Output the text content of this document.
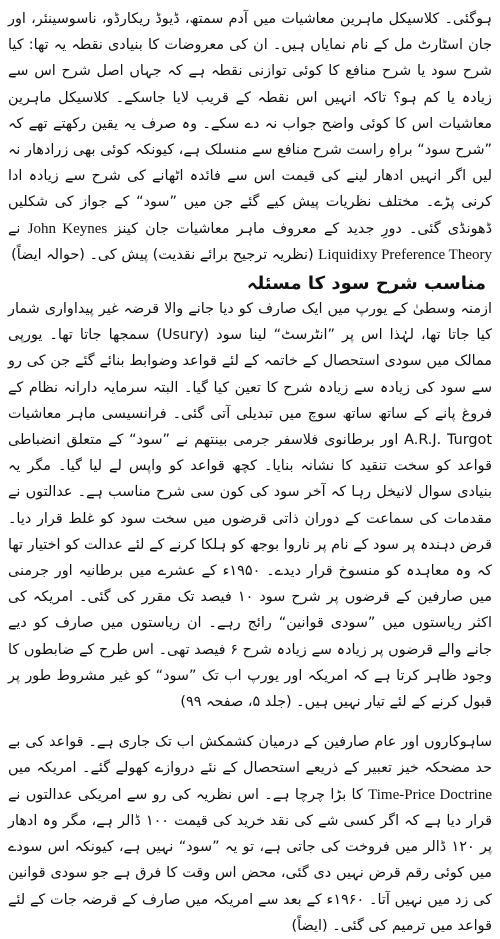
ہوگئی۔ کلاسیکل ماہرین معاشیات میں آدم سمتھ، ڈیوڈ ریکارڈو، ناسوسینئر، اور جان اسٹارٹ مل کے نام نمایاں ہیں۔ ان کی معروضات کا بنیادی نقطہ یہ تھا: کیا شرح سود یا شرح منافع کا کوئی توازنی نقطہ ہے کہ جہاں اصل شرح اس سے زیادہ یا کم ہو؟ تاکہ انہیں اس نقطہ کے قریب لایا جاسکے۔ کلاسیکل ماہرین معاشیات اس کا کوئی واضح جواب نہ دے سکے۔ وہ صرف یہ یقین رکھتے تھے کہ ”شرح سود“ براہِ راست شرح منافع سے منسلک ہے، کیونکہ کوئی بھی زرادھار نہ لیں اگر انہیں ادھار لینے کی قیمت اس سے فائدہ اٹھانے کی شرح سے زیادہ ادا کرنی پڑے۔ مختلف نظریات پیش کیے گئے جن میں ”سود“ کے جواز کی شکلیں ڈھونڈی گئی۔ دورِ جدید کے معروف ماہر معاشیات جان کینز John Keynes نے Liquidixy Preference Theory (نظریہ ترجیح برائے نقدیت) پیش کی۔ (حوالہ ایضاً)

مناسب شرح سود کا مسئلہ

ازمنہ وسطیٰ کے یورپ میں ایک صارف کو دیا جانے والا قرضہ غیر پیداواری شمار کیا جاتا تھا، لہٰذا اس پر ”انٹرسٹ“ لینا سود (Usury) سمجھا جاتا تھا۔ یورپی ممالک میں سودی استحصال کے خاتمہ کے لئے قواعد وضوابط بنائے گئے جن کی رو سے سود کی زیادہ سے زیادہ شرح کا تعین کیا گیا۔ البتہ سرمایہ دارانہ نظام کے فروغ پانے کے ساتھ ساتھ سوچ میں تبدیلی آتی گئی۔ فرانسیسی ماہر معاشیات A.R.J. Turgot اور برطانوی فلاسفر جرمی بینتھم نے ”سود“ کے متعلق انضباطی قواعد کو سخت تنقید کا نشانہ بنایا۔ کچھ قواعد کو واپس لے لیا گیا۔ مگر یہ بنیادی سوال لانیخل رہا کہ آخر سود کی کون سی شرح مناسب ہے۔ عدالتوں نے مقدمات کی سماعت کے دوران ذاتی قرضوں میں سخت سود کو غلط قرار دیا۔ قرض دہندہ پر سود کے نام پر ناروا بوجھ کو ہلکا کرنے کے لئے عدالت کو اختیار تھا کہ وہ معاہدہ کو منسوخ قرار دیدے۔ ۱۹۵۰ء کے عشرے میں برطانیہ اور جرمنی میں صارفین کے قرضوں پر شرح سود ۱۰ فیصد تک مقرر کی گئی۔ امریکہ کی اکثر ریاستوں میں ”سودی قوانین“ رائج رہے۔ ان ریاستوں میں صارف کو دیے جانے والے قرضوں پر زیادہ سے زیادہ شرح ۶ فیصد تھی۔ اس طرح کے ضابطوں کا وجود ظاہر کرتا ہے کہ امریکہ اور یورپ اب تک ”سود“ کو غیر مشروط طور پر قبول کرنے کے لئے تیار نہیں ہیں۔ (جلد ۵، صفحہ ۹۹)

ساہوکاروں اور عام صارفین کے درمیان کشمکش اب تک جاری ہے۔ قواعد کی بے حد مضحکہ خیز تعبیر کے ذریعے استحصال کے نئے دروازے کھولے گئے۔ امریکہ میں Time-Price Doctrine کا بڑا چرچا ہے۔ اس نظریہ کی رو سے امریکی عدالتوں نے قرار دیا ہے کہ اگر کسی شے کی نقد خرید کی قیمت ۱۰۰ ڈالر ہے، مگر وہ ادھار پر ۱۲۰ ڈالر میں فروخت کی جاتی ہے، تو یہ ”سود“ نہیں ہے، کیونکہ اس سودے میں کوئی رقم قرض نہیں دی گئی، محض اس وقت کا فرق ہے جو سودی قوانین کی زد میں نہیں آتا۔ ۱۹۶۰ء کے بعد سے امریکہ میں صارف کے قرضہ جات کے لئے قواعد میں ترمیم کی گئی۔ (ایضاً)
